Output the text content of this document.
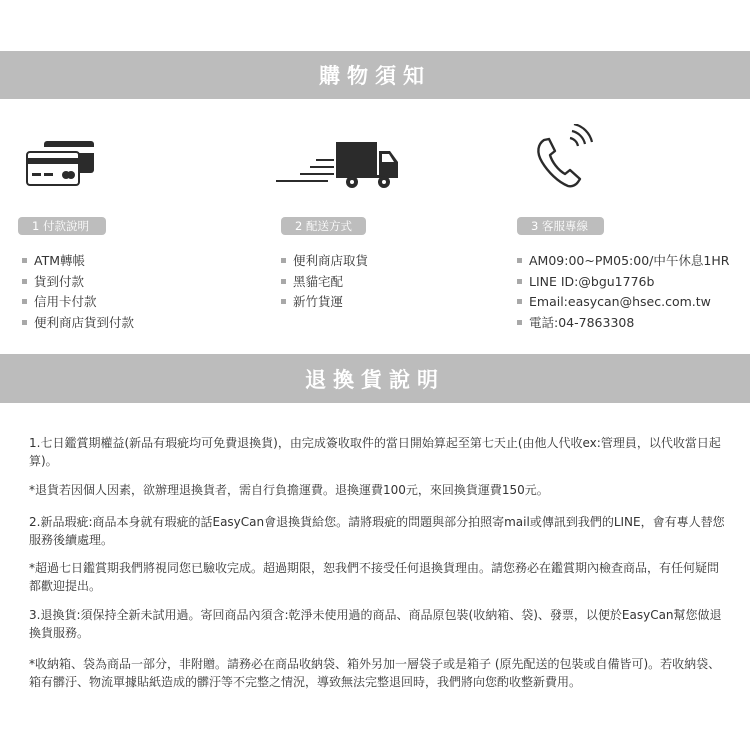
購物須知
1 付款說明	2 配送方式	3 客服專線
ATM轉帳
貨到付款
信用卡付款
便利商店貨到付款
便利商店取貨
黑貓宅配
新竹貨運
AM09:00~PM05:00/中午休息1HR
LINE ID:@bgu1776b
Email:easycan@hsec.com.tw
電話:04-7863308
退換貨說明

1.七日鑑賞期權益(新品有瑕疵均可免費退換貨)，由完成簽收取件的當日開始算起至第七天止(由他人代收ex:管理員，以代收當日起算)。

*退貨若因個人因素，欲辦理退換貨者，需自行負擔運費。退換運費100元，來回換貨運費150元。

2.新品瑕疵:商品本身就有瑕疵的話EasyCan會退換貨給您。請將瑕疵的問題與部分拍照寄mail或傳訊到我們的LINE，會有專人替您服務後續處理。

*超過七日鑑賞期我們將視同您已驗收完成。超過期限，恕我們不接受任何退換貨理由。請您務必在鑑賞期內檢查商品，有任何疑問都歡迎提出。

3.退換貨:須保持全新未試用過。寄回商品內須含:乾淨未使用過的商品、商品原包裝(收納箱、袋)、發票，以便於EasyCan幫您做退換貨服務。

*收納箱、袋為商品一部分，非附贈。請務必在商品收納袋、箱外另加一層袋子或是箱子 (原先配送的包裝或自備皆可)。若收納袋、箱有髒汙、物流單據貼紙造成的髒汙等不完整之情況，導致無法完整退回時，我們將向您酌收整新費用。
